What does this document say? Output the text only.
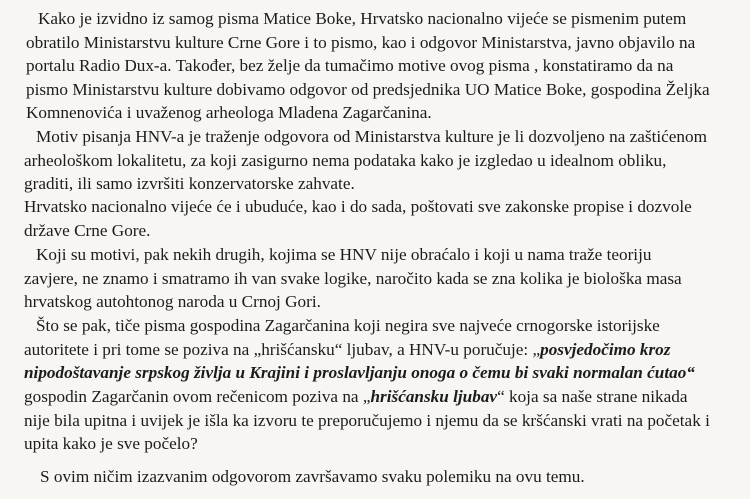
Kako je izvidno iz samog pisma Matice Boke, Hrvatsko nacionalno vijeće se pismenim putem
obratilo Ministarstvu kulture Crne Gore i to pismo, kao i odgovor Ministarstva, javno objavilo na
portalu Radio Dux-a. Također, bez želje da tumačimo motive ovog pisma , konstatiramo da na
pismo Ministarstvu kulture dobivamo odgovor od predsjednika UO Matice Boke, gospodina Željka
Komnenovića i uvaženog arheologa Mladena Zagarčanina.
Motiv pisanja HNV-a je traženje odgovora od Ministarstva kulture je li dozvoljeno na zaštićenom
arheološkom lokalitetu, za koji zasigurno nema podataka kako je izgledao u idealnom obliku,
graditi, ili samo izvršiti konzervatorske zahvate.
Hrvatsko nacionalno vijeće će i ubuduće, kao i do sada, poštovati sve zakonske propise i dozvole
države Crne Gore.
Koji su motivi, pak nekih drugih, kojima se HNV nije obraćalo i koji u nama traže teoriju
zavjere, ne znamo i smatramo ih van svake logike, naročito kada se zna kolika je biološka masa
hrvatskog autohtonog naroda u Crnoj Gori.
Što se pak, tiče pisma gospodina Zagarčanina koji negira sve najveće crnogorske istorijske
autoritete i pri tome se poziva na „hrišćansku“ ljubav, a HNV-u poručuje: „posvjedočimo kroz
nipodoštavanje srpskog življa u Krajini i proslavljanju onoga o čemu bi svaki normalan ćutao“
gospodin Zagarčanin ovom rečenicom poziva na „hrišćansku ljubav“ koja sa naše strane nikada
nije bila upitna i uvijek je išla ka izvoru te preporučujemo i njemu da se kršćanski vrati na početak i
upita kako je sve počelo?
S ovim ničim izazvanim odgovorom završavamo svaku polemiku na ovu temu.
